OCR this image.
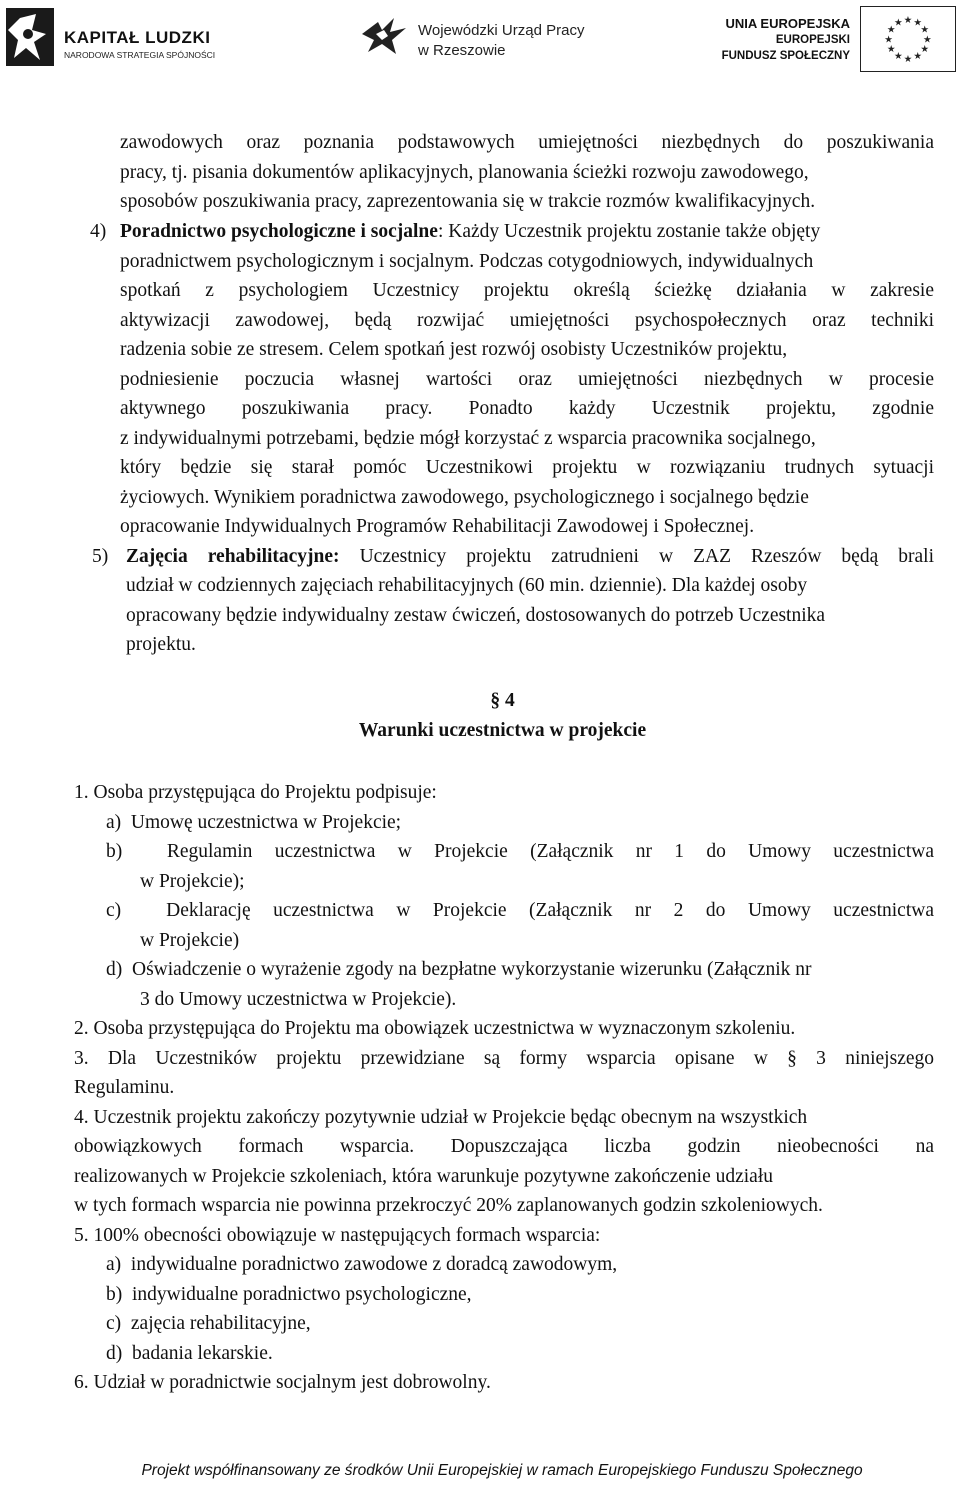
KAPITAŁ LUDZKI
NARODOWA STRATEGIA SPÓJNOŚCI
Wojewódzki Urząd Pracy
w Rzeszowie
UNIA EUROPEJSKA
EUROPEJSKI
FUNDUSZ SPOŁECZNY
★ ★
★
★
★
★
★
★
★
★
★
★
zawodowych oraz poznania podstawowych umiejętności niezbędnych do poszukiwania
pracy, tj. pisania dokumentów aplikacyjnych, planowania ścieżki rozwoju zawodowego,
sposobów poszukiwania pracy, zaprezentowania się w trakcie rozmów kwalifikacyjnych.
4) Poradnictwo psychologiczne i socjalne: Każdy Uczestnik projektu zostanie także objęty
poradnictwem psychologicznym i socjalnym. Podczas cotygodniowych, indywidualnych
spotkań z psychologiem Uczestnicy projektu określą ścieżkę działania w zakresie
aktywizacji zawodowej, będą rozwijać umiejętności psychospołecznych oraz techniki
radzenia sobie ze stresem. Celem spotkań jest rozwój osobisty Uczestników projektu,
podniesienie poczucia własnej wartości oraz umiejętności niezbędnych w procesie
aktywnego poszukiwania pracy. Ponadto każdy Uczestnik projektu, zgodnie
z indywidualnymi potrzebami, będzie mógł korzystać z wsparcia pracownika socjalnego,
który będzie się starał pomóc Uczestnikowi projektu w rozwiązaniu trudnych sytuacji
życiowych. Wynikiem poradnictwa zawodowego, psychologicznego i socjalnego będzie
opracowanie Indywidualnych Programów Rehabilitacji Zawodowej i Społecznej.
5) Zajęcia rehabilitacyjne: Uczestnicy projektu zatrudnieni w ZAZ Rzeszów będą brali
udział w codziennych zajęciach rehabilitacyjnych (60 min. dziennie). Dla każdej osoby
opracowany będzie indywidualny zestaw ćwiczeń, dostosowanych do potrzeb Uczestnika
projektu.
§ 4
Warunki uczestnictwa w projekcie
1. Osoba przystępująca do Projektu podpisuje:
a)  Umowę uczestnictwa w Projekcie;
b)  Regulamin uczestnictwa w Projekcie (Załącznik nr 1 do Umowy uczestnictwa
w Projekcie);
c)  Deklarację uczestnictwa w Projekcie (Załącznik nr 2 do Umowy uczestnictwa
w Projekcie)
d)  Oświadczenie o wyrażenie zgody na bezpłatne wykorzystanie wizerunku (Załącznik nr
3 do Umowy uczestnictwa w Projekcie).
2. Osoba przystępująca do Projektu ma obowiązek uczestnictwa w wyznaczonym szkoleniu.
3. Dla Uczestników projektu przewidziane są formy wsparcia opisane w § 3 niniejszego
Regulaminu.
4. Uczestnik projektu zakończy pozytywnie udział w Projekcie będąc obecnym na wszystkich
obowiązkowych formach wsparcia. Dopuszczająca liczba godzin nieobecności na
realizowanych w Projekcie szkoleniach, która warunkuje pozytywne zakończenie udziału
w tych formach wsparcia nie powinna przekroczyć 20% zaplanowanych godzin szkoleniowych.
5. 100% obecności obowiązuje w następujących formach wsparcia:
a)  indywidualne poradnictwo zawodowe z doradcą zawodowym,
b)  indywidualne poradnictwo psychologiczne,
c)  zajęcia rehabilitacyjne,
d)  badania lekarskie.
6. Udział w poradnictwie socjalnym jest dobrowolny.
Projekt współfinansowany ze środków Unii Europejskiej w ramach Europejskiego Funduszu Społecznego
